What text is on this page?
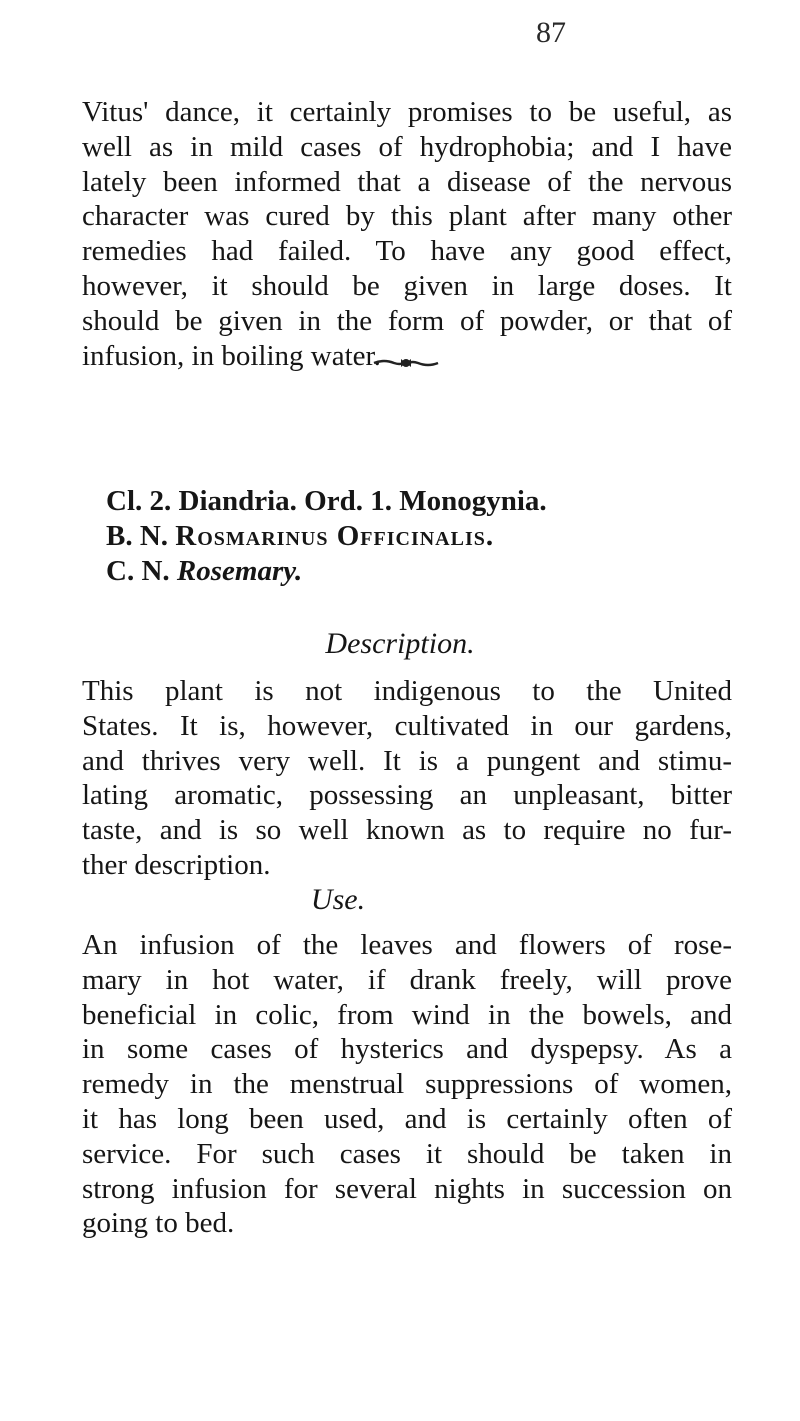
87
Vitus' dance, it certainly promises to be useful, as
well as in mild cases of hydrophobia; and I have
lately been informed that a disease of the nervous
character was cured by this plant after many other
remedies had failed. To have any good effect,
however, it should be given in large doses. It
should be given in the form of powder, or that of
infusion, in boiling water.
Cl. 2. Diandria. Ord. 1. Monogynia.
B. N. Rosmarinus Officinalis.
C. N. Rosemary.
Description.
This plant is not indigenous to the United
States. It is, however, cultivated in our gardens,
and thrives very well. It is a pungent and stimu-
lating aromatic, possessing an unpleasant, bitter
taste, and is so well known as to require no fur-
ther description.
Use.
An infusion of the leaves and flowers of rose-
mary in hot water, if drank freely, will prove
beneficial in colic, from wind in the bowels, and
in some cases of hysterics and dyspepsy. As a
remedy in the menstrual suppressions of women,
it has long been used, and is certainly often of
service. For such cases it should be taken in
strong infusion for several nights in succession on
going to bed.
